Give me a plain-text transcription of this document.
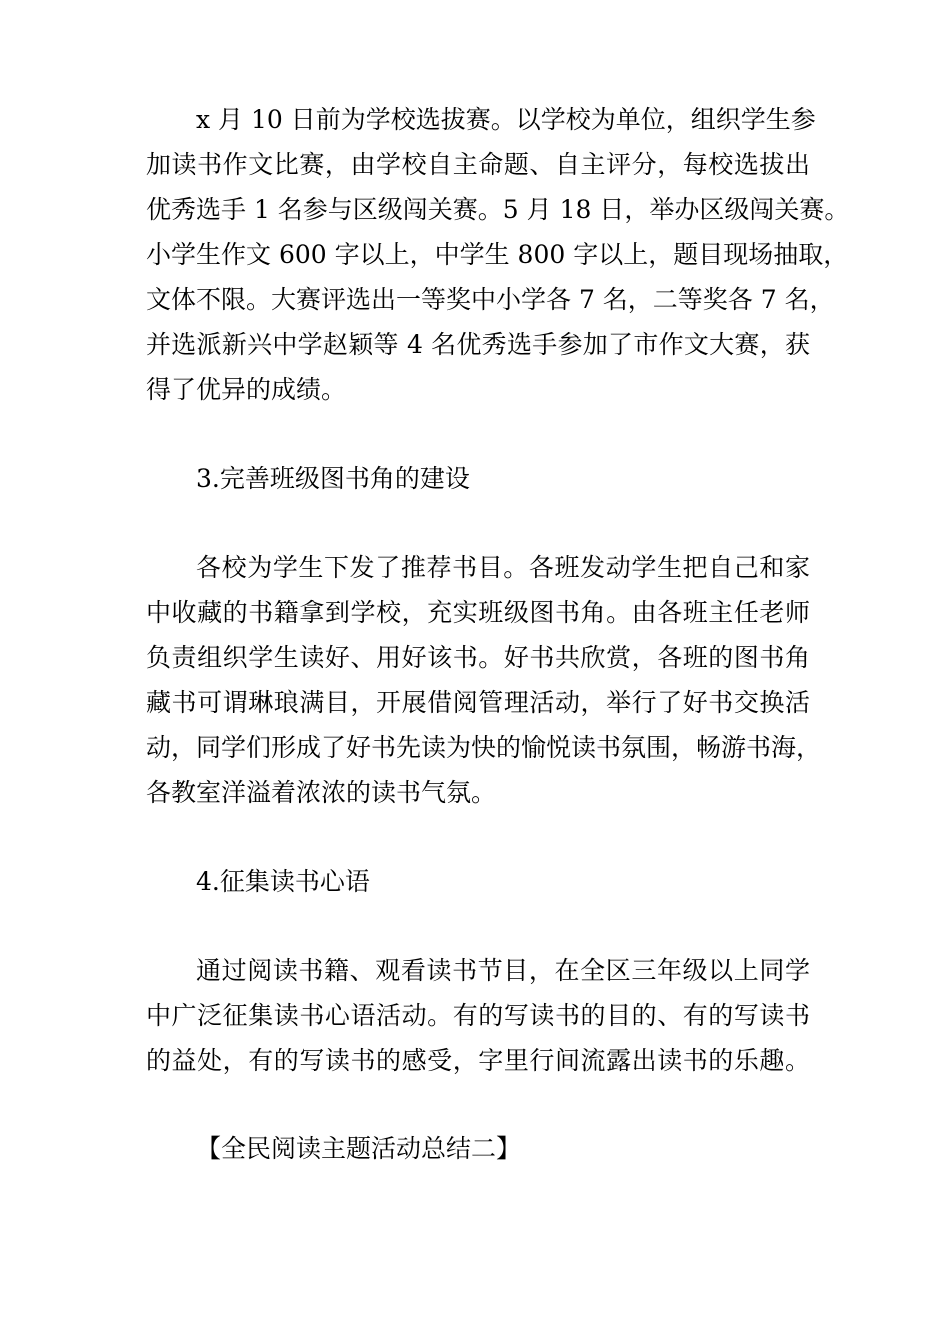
x 月 10 日前为学校选拔赛。以学校为单位，组织学生参
加读书作文比赛，由学校自主命题、自主评分，每校选拔出
优秀选手 1 名参与区级闯关赛。5 月 18 日，举办区级闯关赛。
小学生作文 600 字以上，中学生 800 字以上，题目现场抽取，
文体不限。大赛评选出一等奖中小学各 7 名，二等奖各 7 名，
并选派新兴中学赵颖等 4 名优秀选手参加了市作文大赛，获
得了优异的成绩。
3.完善班级图书角的建设
各校为学生下发了推荐书目。各班发动学生把自己和家
中收藏的书籍拿到学校，充实班级图书角。由各班主任老师
负责组织学生读好、用好该书。好书共欣赏，各班的图书角
藏书可谓琳琅满目，开展借阅管理活动，举行了好书交换活
动，同学们形成了好书先读为快的愉悦读书氛围，畅游书海，
各教室洋溢着浓浓的读书气氛。
4.征集读书心语
通过阅读书籍、观看读书节目，在全区三年级以上同学
中广泛征集读书心语活动。有的写读书的目的、有的写读书
的益处，有的写读书的感受，字里行间流露出读书的乐趣。
【全民阅读主题活动总结二】
